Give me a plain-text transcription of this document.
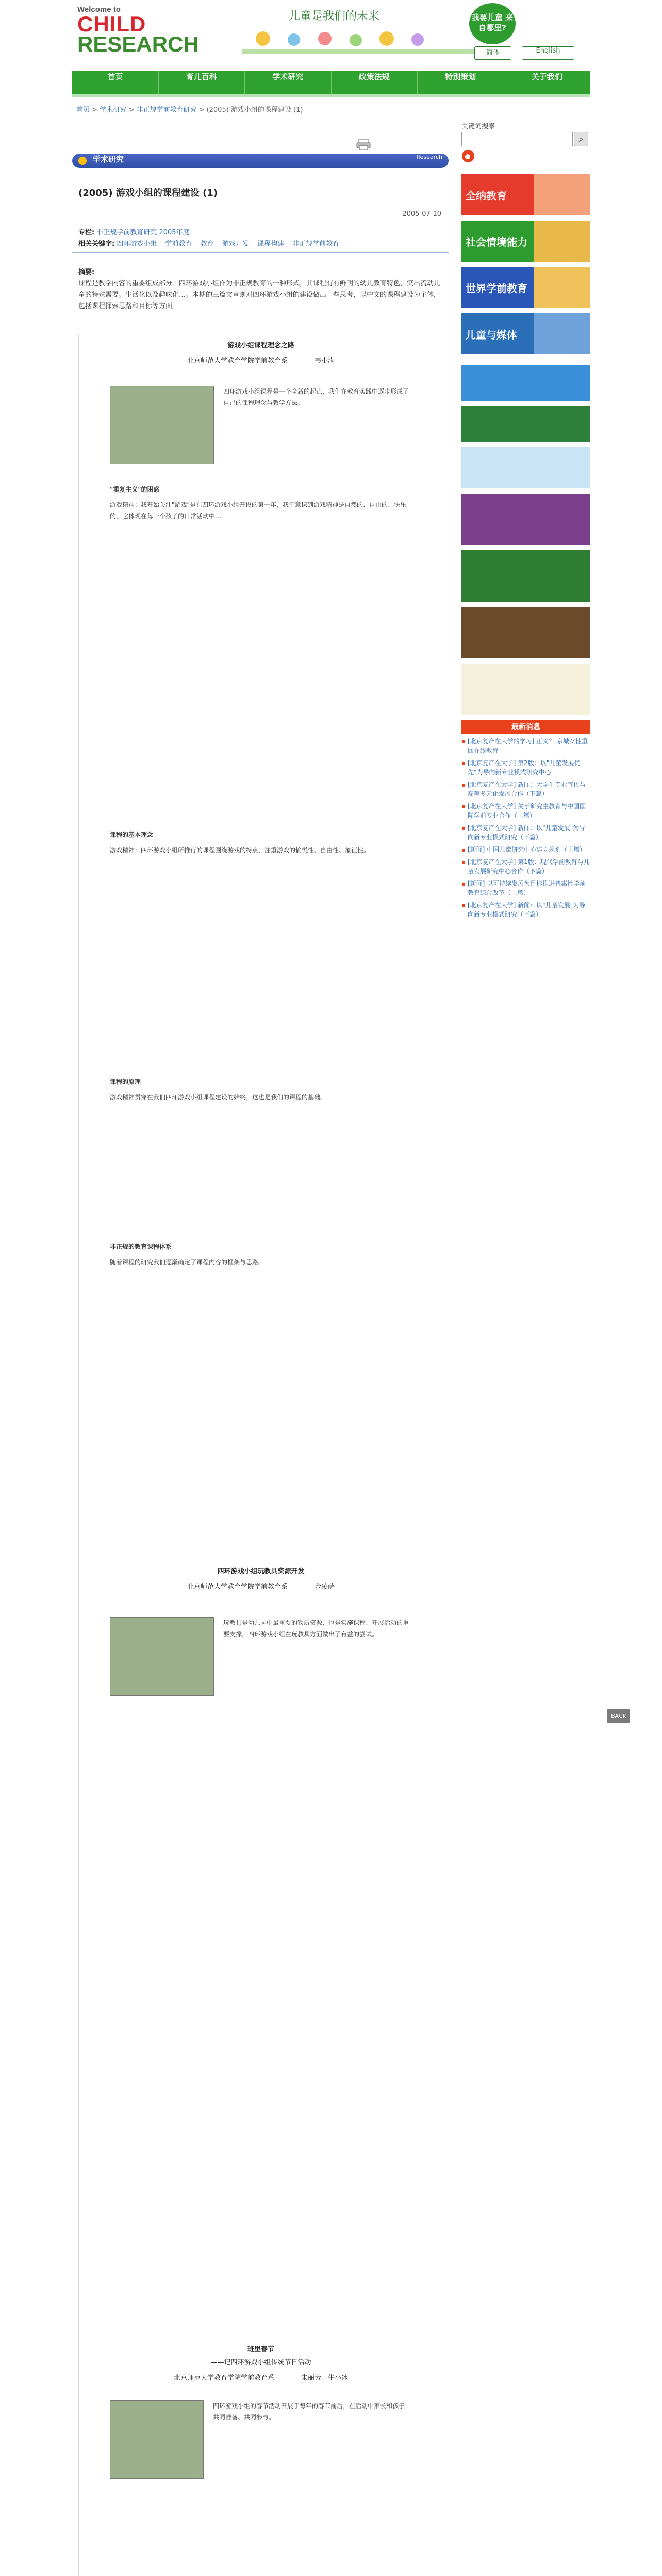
Welcome to
CHILD
RESEARCH
儿童是我们的未来	我要儿童 来自哪里?
简体	English
首页	育儿百科	学术研究	政策法规	特别策划	关于我们
首页 > 学术研究 > 非正规学前教育研究 > (2005) 游戏小组的课程建设 (1)
学术研究	Research
(2005) 游戏小组的课程建设 (1)
2005-07-10
专栏: 非正规学前教育研究 2005年度
相关关键字: 四环游戏小组 学前教育 教育 游戏开发 课程构建 非正规学前教育
摘要:
课程是教学内容的重要组成部分。四环游戏小组作为非正规教育的一种形式，其课程有有鲜明的幼儿教育特色，突出流动儿童的特殊需要。生活化以及趣味化…。本期的三篇文章则对四环游戏小组的建设做出一些思考，以中文的课程建设为主体，包括课程探索思路和目标等方面。
游戏小组课程理念之路
北京师范大学教育学院学前教育系　　　　韦小满
四环游戏小组课程是一个全新的起点，我们在教育实践中逐步形成了自己的课程理念与教学方法。
"重复主义"的困惑
游戏精神：我开始关注"游戏"是在四环游戏小组开设的第一年，我们意识到游戏精神是自然的、自由的、快乐的，它体现在每一个孩子的日常活动中…
课程的基本理念
游戏精神：四环游戏小组所推行的课程围绕游戏的特点，注重游戏的愉悦性、自由性、象征性。
课程的原理
游戏精神贯穿在我们四环游戏小组课程建设的始终，这也是我们的课程的基础。
非正规的教育课程体系
随着课程的研究我们逐渐确定了课程内容的框架与思路。
四环游戏小组玩教具资源开发
北京师范大学教育学院学前教育系　　　　金凌萨
玩教具是幼儿园中最重要的物质资源，也是实施课程、开展活动的重要支撑，四环游戏小组在玩教具方面做出了有益的尝试。
班里春节
——记四环游戏小组传统节日活动
北京师范大学教育学院学前教育系　　　　朱丽芳　牛小冰
四环游戏小组的春节活动开展于每年的春节前后，在活动中家长和孩子共同准备、共同参与。
关键词搜索
⌕
全纳教育
社会情境能力
世界学前教育
儿童与媒体
最新消息
▪ [北京复产在大学的学习] 正义？ 京城女性重回在线教育
▪ [北京复产在大学] 第2版：以"儿童发展优先"为导向新专业模式研究中心
▪ [北京复产在大学] 新闻：大学生专业宣传与高等多元化发展合作（下篇）
▪ [北京复产在大学] 关于研究生教育与中国国际学前专业合作（上篇）
▪ [北京复产在大学] 新闻：以"儿童发展"为导向新专业模式研究（下篇）
▪ [新闻] 中国儿童研究中心建立规划（上篇）
▪ [北京复产在大学] 第1版：现代学前教育与儿童发展研究中心合作（下篇）
▪ [新闻] 以可持续发展为目标推进普惠性学前教育综合改革（上篇）
▪ [北京复产在大学] 新闻：以"儿童发展"为导向新专业模式研究（下篇）
BACK TOP
